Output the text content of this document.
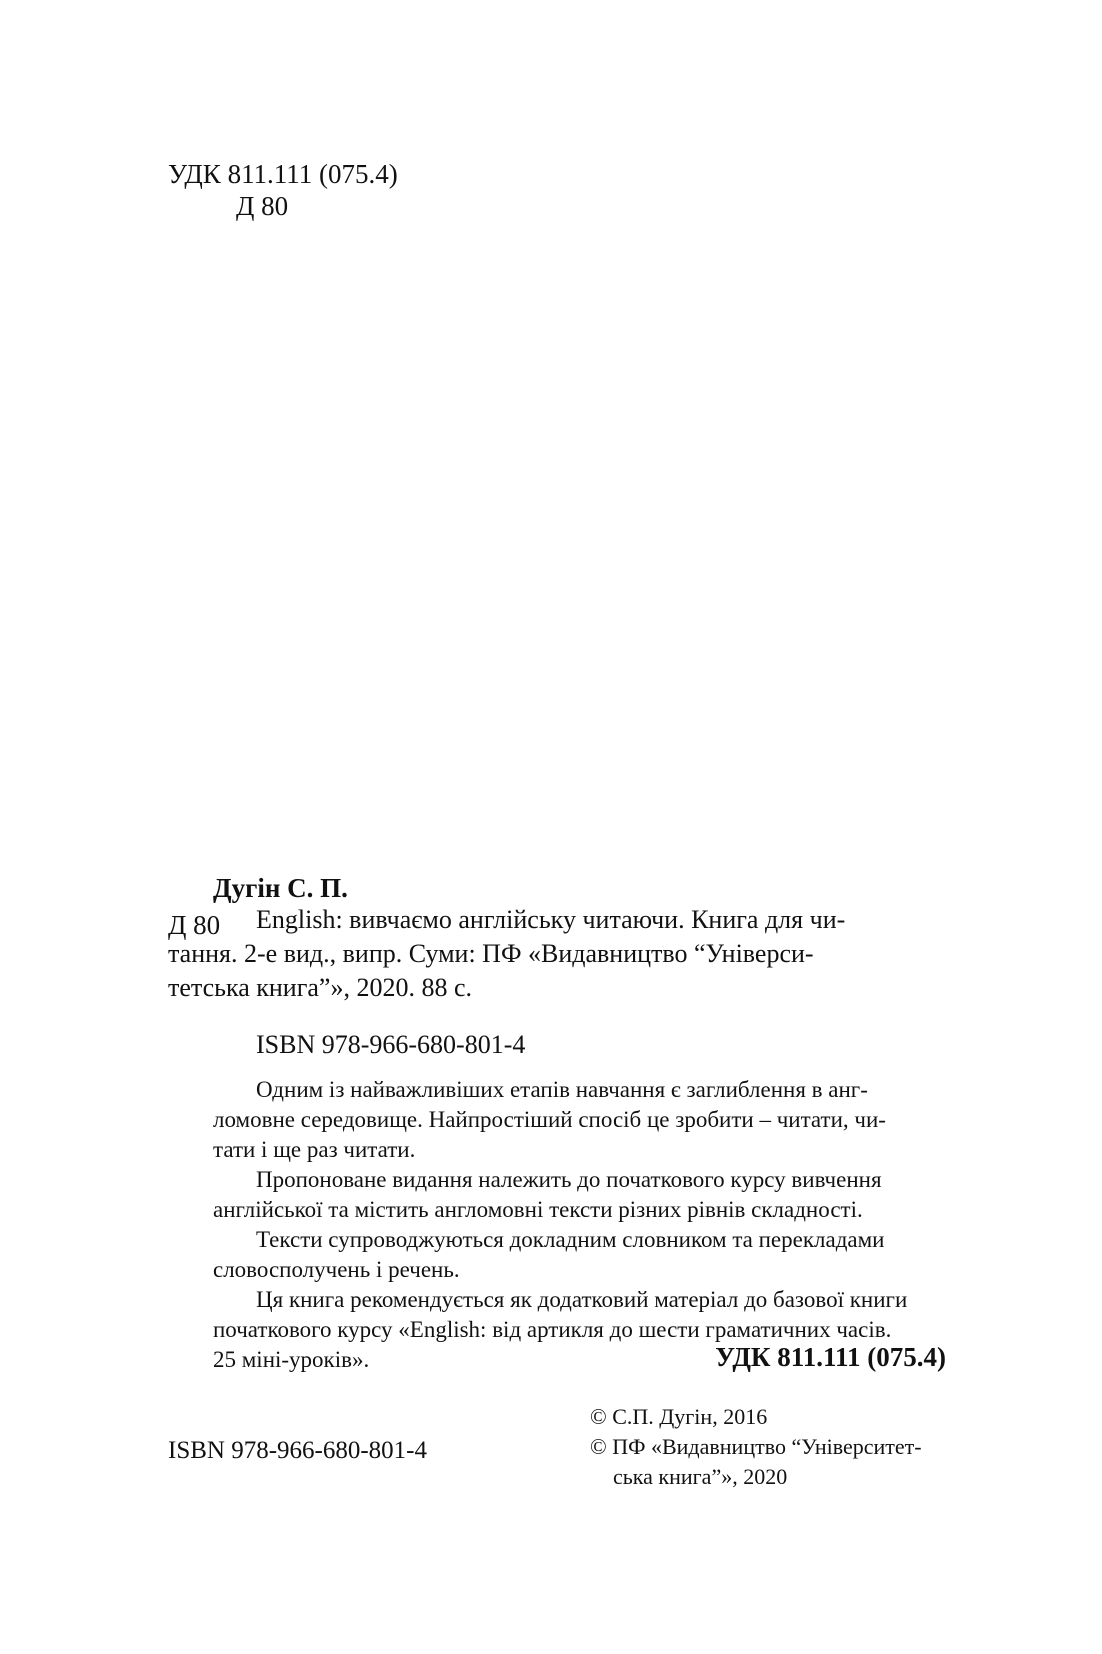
УДК 811.111 (075.4)
Д 80
Дугін С. П.
Д 80 English: вивчаємо англійську читаючи. Книга для чи-
тання. 2-е вид., випр. Суми: ПФ «Видавництво “Універси-
тетська книга”», 2020. 88 с.
ISBN 978-966-680-801-4
Одним із найважливіших етапів навчання є заглиблення в анг-
ломовне середовище. Найпростіший спосіб це зробити – читати, чи-
тати і ще раз читати.
Пропоноване видання належить до початкового курсу вивчення
англійської та містить англомовні тексти різних рівнів складності.
Тексти супроводжуються докладним словником та перекладами
словосполучень і речень.
Ця книга рекомендується як додатковий матеріал до базової книги
початкового курсу «English: від артикля до шести граматичних часів.
25 міні-уроків».	УДК 811.111 (075.4)
© С.П. Дугін, 2016
© ПФ «Видавництво “Університет-
ська книга”», 2020
ISBN 978-966-680-801-4
